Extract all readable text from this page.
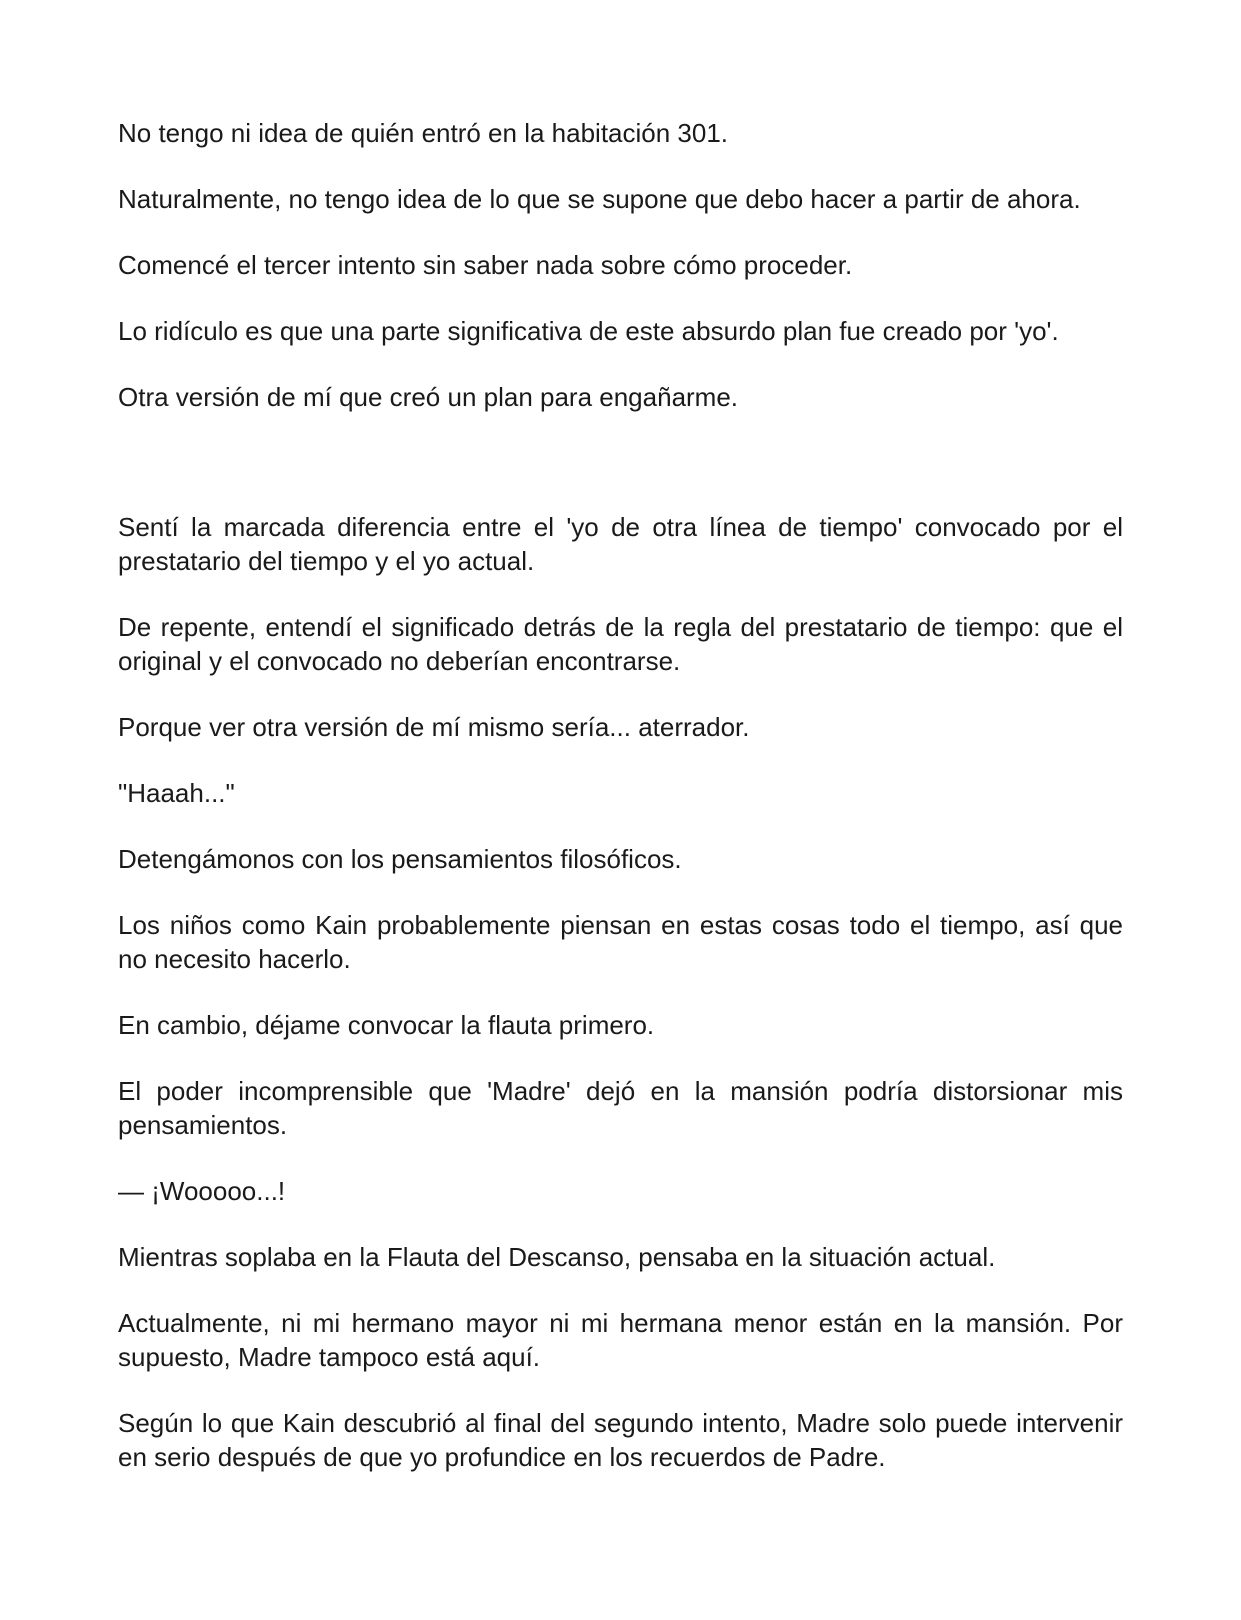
No tengo ni idea de quién entró en la habitación 301.

Naturalmente, no tengo idea de lo que se supone que debo hacer a partir de ahora.

Comencé el tercer intento sin saber nada sobre cómo proceder.

Lo ridículo es que una parte significativa de este absurdo plan fue creado por 'yo'.

Otra versión de mí que creó un plan para engañarme.

Sentí la marcada diferencia entre el 'yo de otra línea de tiempo' convocado por el prestatario del tiempo y el yo actual.

De repente, entendí el significado detrás de la regla del prestatario de tiempo: que el original y el convocado no deberían encontrarse.

Porque ver otra versión de mí mismo sería... aterrador.

"Haaah..."

Detengámonos con los pensamientos filosóficos.

Los niños como Kain probablemente piensan en estas cosas todo el tiempo, así que no necesito hacerlo.

En cambio, déjame convocar la flauta primero.

El poder incomprensible que 'Madre' dejó en la mansión podría distorsionar mis pensamientos.

— ¡Wooooo...!

Mientras soplaba en la Flauta del Descanso, pensaba en la situación actual.

Actualmente, ni mi hermano mayor ni mi hermana menor están en la mansión. Por supuesto, Madre tampoco está aquí.

Según lo que Kain descubrió al final del segundo intento, Madre solo puede intervenir en serio después de que yo profundice en los recuerdos de Padre.
